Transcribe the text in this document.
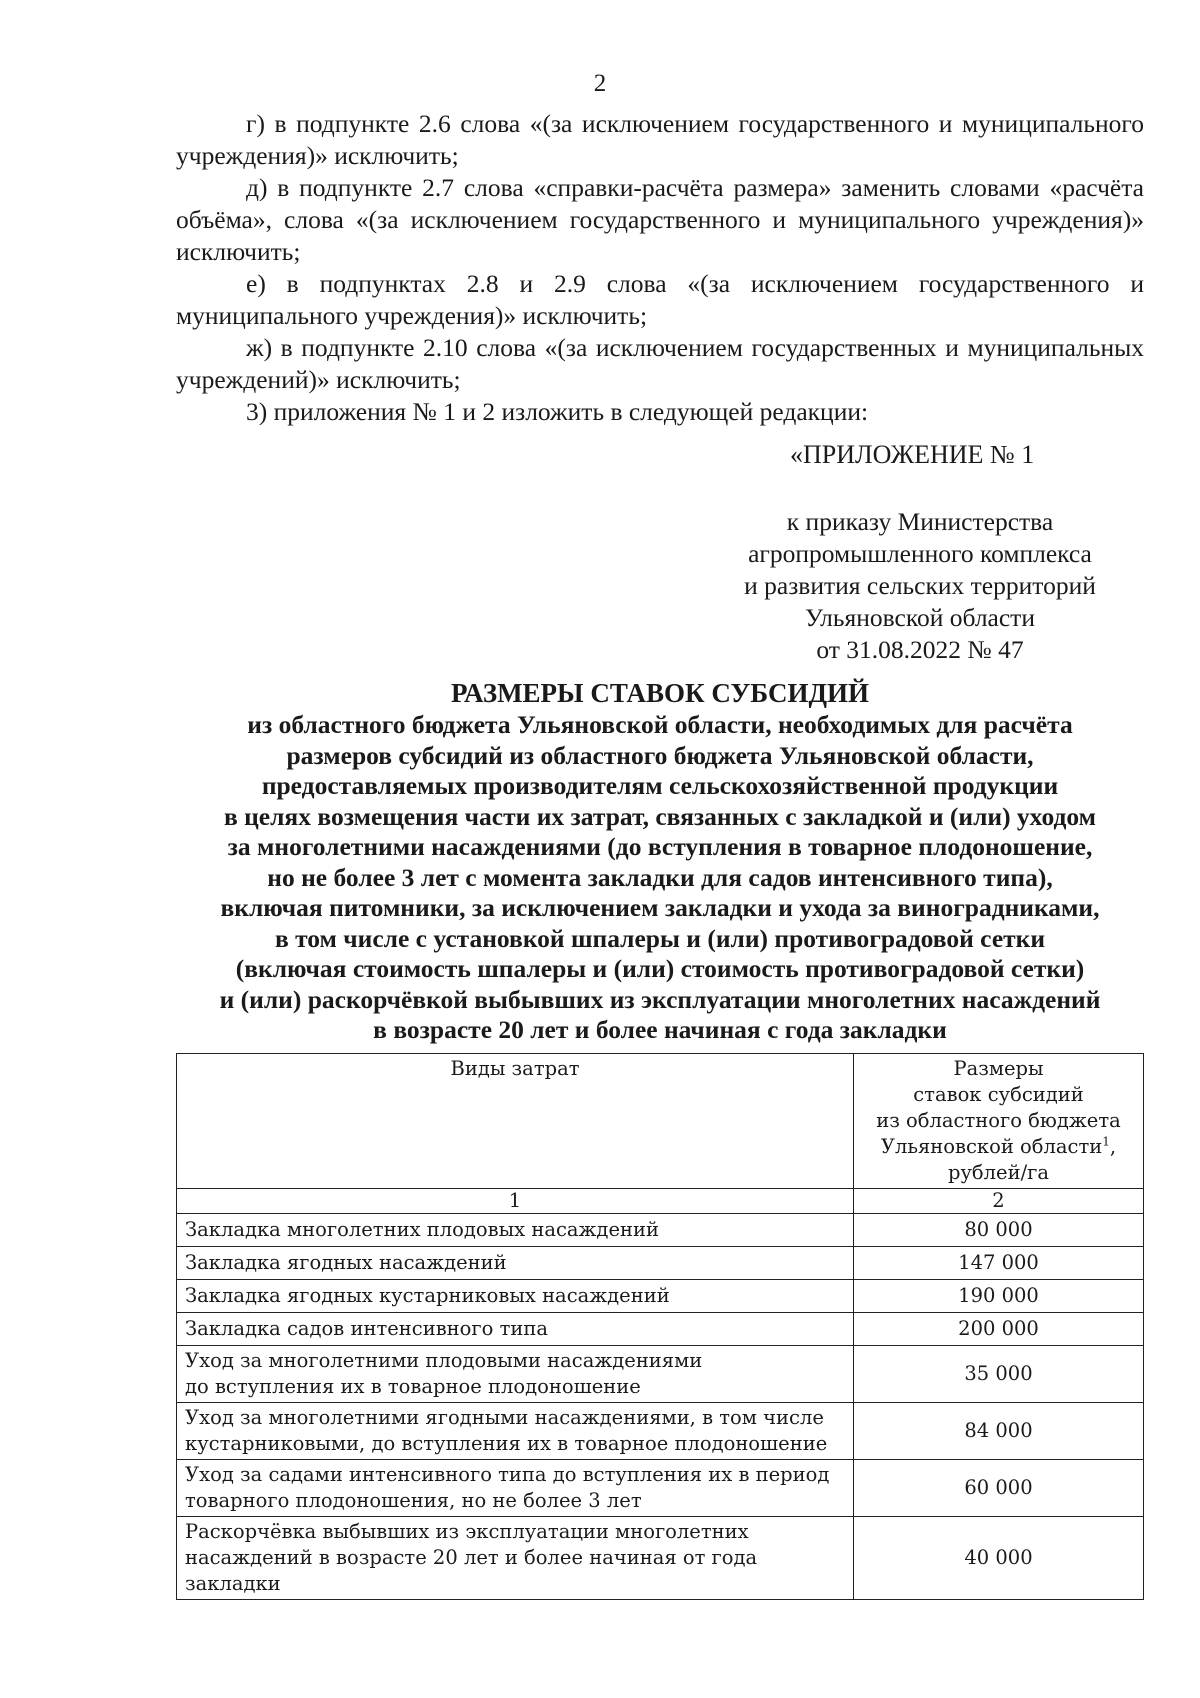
2

г) в подпункте 2.6 слова «(за исключением государственного и муниципального учреждения)» исключить;

д) в подпункте 2.7 слова «справки-расчёта размера» заменить словами «расчёта объёма», слова «(за исключением государственного и муниципального учреждения)» исключить;

е) в подпунктах 2.8 и 2.9 слова «(за исключением государственного и муниципального учреждения)» исключить;

ж) в подпункте 2.10 слова «(за исключением государственных и муниципальных учреждений)» исключить;

3) приложения № 1 и 2 изложить в следующей редакции:

«ПРИЛОЖЕНИЕ № 1
к приказу Министерства
агропромышленного комплекса
и развития сельских территорий
Ульяновской области
от 31.08.2022 № 47
РАЗМЕРЫ СТАВОК СУБСИДИЙ
из областного бюджета Ульяновской области, необходимых для расчёта
размеров субсидий из областного бюджета Ульяновской области,
предоставляемых производителям сельскохозяйственной продукции
в целях возмещения части их затрат, связанных с закладкой и (или) уходом
за многолетними насаждениями (до вступления в товарное плодоношение,
но не более 3 лет с момента закладки для садов интенсивного типа),
включая питомники, за исключением закладки и ухода за виноградниками,
в том числе с установкой шпалеры и (или) противоградовой сетки
(включая стоимость шпалеры и (или) стоимость противоградовой сетки)
и (или) раскорчёвкой выбывших из эксплуатации многолетних насаждений
в возрасте 20 лет и более начиная с года закладки
Виды затрат	Размеры
ставок субсидий
из областного бюджета
Ульяновской области$^1$,
рублей/га

1	2

Закладка многолетних плодовых насаждений	80 000

Закладка ягодных насаждений	147 000

Закладка ягодных кустарниковых насаждений	190 000

Закладка садов интенсивного типа	200 000

Уход за многолетними плодовыми насаждениями
до вступления их в товарное плодоношение	35 000

Уход за многолетними ягодными насаждениями, в том числе
кустарниковыми, до вступления их в товарное плодоношение	84 000

Уход за садами интенсивного типа до вступления их в период
товарного плодоношения, но не более 3 лет	60 000

Раскорчёвка выбывших из эксплуатации многолетних
насаждений в возрасте 20 лет и более начиная от года
закладки	40 000
